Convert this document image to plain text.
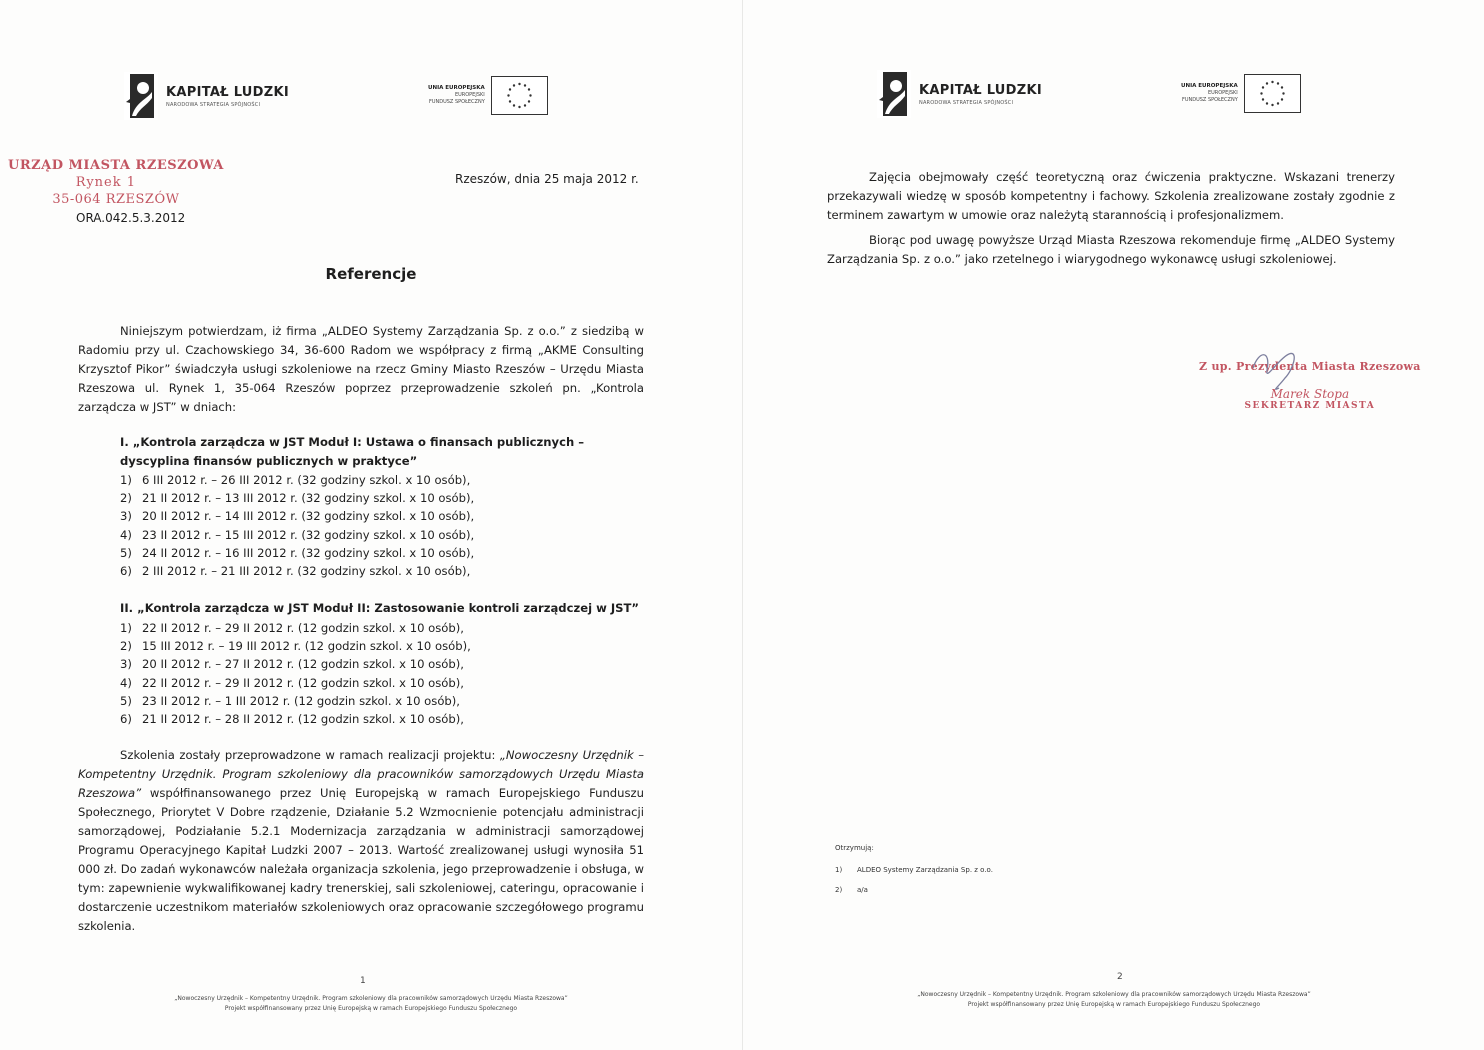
KAPITAŁ LUDZKI
NARODOWA STRATEGIA SPÓJNOŚCI
UNIA EUROPEJSKA
EUROPEJSKI
FUNDUSZ SPOŁECZNY
URZĄD MIASTA RZESZOWA
Rynek 1
35-064 RZESZÓW
ORA.042.5.3.2012
Rzeszów, dnia 25 maja 2012 r.
Referencje
Niniejszym potwierdzam, iż firma „ALDEO Systemy Zarządzania Sp. z o.o.” z siedzibą w Radomiu przy ul. Czachowskiego 34, 36-600 Radom we współpracy z firmą „AKME Consulting Krzysztof Pikor” świadczyła usługi szkoleniowe na rzecz Gminy Miasto Rzeszów – Urzędu Miasta Rzeszowa ul. Rynek 1, 35-064 Rzeszów poprzez przeprowadzenie szkoleń pn. „Kontrola zarządcza w JST” w dniach:
I. „Kontrola zarządcza w JST Moduł I: Ustawa o finansach publicznych – dyscyplina finansów publicznych w praktyce”
1) 6 III 2012 r. – 26 III 2012 r. (32 godziny szkol. x 10 osób),
2) 21 II 2012 r. – 13 III 2012 r. (32 godziny szkol. x 10 osób),
3) 20 II 2012 r. – 14 III 2012 r. (32 godziny szkol. x 10 osób),
4) 23 II 2012 r. – 15 III 2012 r. (32 godziny szkol. x 10 osób),
5) 24 II 2012 r. – 16 III 2012 r. (32 godziny szkol. x 10 osób),
6) 2 III 2012 r. – 21 III 2012 r. (32 godziny szkol. x 10 osób),
II. „Kontrola zarządcza w JST Moduł II: Zastosowanie kontroli zarządczej w JST”
1) 22 II 2012 r. – 29 II 2012 r. (12 godzin szkol. x 10 osób),
2) 15 III 2012 r. – 19 III 2012 r. (12 godzin szkol. x 10 osób),
3) 20 II 2012 r. – 27 II 2012 r. (12 godzin szkol. x 10 osób),
4) 22 II 2012 r. – 29 II 2012 r. (12 godzin szkol. x 10 osób),
5) 23 II 2012 r. – 1 III 2012 r. (12 godzin szkol. x 10 osób),
6) 21 II 2012 r. – 28 II 2012 r. (12 godzin szkol. x 10 osób),
Szkolenia zostały przeprowadzone w ramach realizacji projektu: „Nowoczesny Urzędnik – Kompetentny Urzędnik. Program szkoleniowy dla pracowników samorządowych Urzędu Miasta Rzeszowa” współfinansowanego przez Unię Europejską w ramach Europejskiego Funduszu Społecznego, Priorytet V Dobre rządzenie, Działanie 5.2 Wzmocnienie potencjału administracji samorządowej, Podziałanie 5.2.1 Modernizacja zarządzania w administracji samorządowej Programu Operacyjnego Kapitał Ludzki 2007 – 2013. Wartość zrealizowanej usługi wynosiła 51 000 zł. Do zadań wykonawców należała organizacja szkolenia, jego przeprowadzenie i obsługa, w tym: zapewnienie wykwalifikowanej kadry trenerskiej, sali szkoleniowej, cateringu, opracowanie i dostarczenie uczestnikom materiałów szkoleniowych oraz opracowanie szczegółowego programu szkolenia.
1
„Nowoczesny Urzędnik – Kompetentny Urzędnik. Program szkoleniowy dla pracowników samorządowych Urzędu Miasta Rzeszowa”
Projekt współfinansowany przez Unię Europejską w ramach Europejskiego Funduszu Społecznego
KAPITAŁ LUDZKI
NARODOWA STRATEGIA SPÓJNOŚCI
UNIA EUROPEJSKA
EUROPEJSKI
FUNDUSZ SPOŁECZNY
Zajęcia obejmowały część teoretyczną oraz ćwiczenia praktyczne. Wskazani trenerzy przekazywali wiedzę w sposób kompetentny i fachowy. Szkolenia zrealizowane zostały zgodnie z terminem zawartym w umowie oraz należytą starannością i profesjonalizmem.
Biorąc pod uwagę powyższe Urząd Miasta Rzeszowa rekomenduje firmę „ALDEO Systemy Zarządzania Sp. z o.o.” jako rzetelnego i wiarygodnego wykonawcę usługi szkoleniowej.
Z up. Prezydenta Miasta Rzeszowa
Marek Stopa
SEKRETARZ MIASTA
Otrzymują:
1) ALDEO Systemy Zarządzania Sp. z o.o.
2) a/a
2
„Nowoczesny Urzędnik – Kompetentny Urzędnik. Program szkoleniowy dla pracowników samorządowych Urzędu Miasta Rzeszowa”
Projekt współfinansowany przez Unię Europejską w ramach Europejskiego Funduszu Społecznego
